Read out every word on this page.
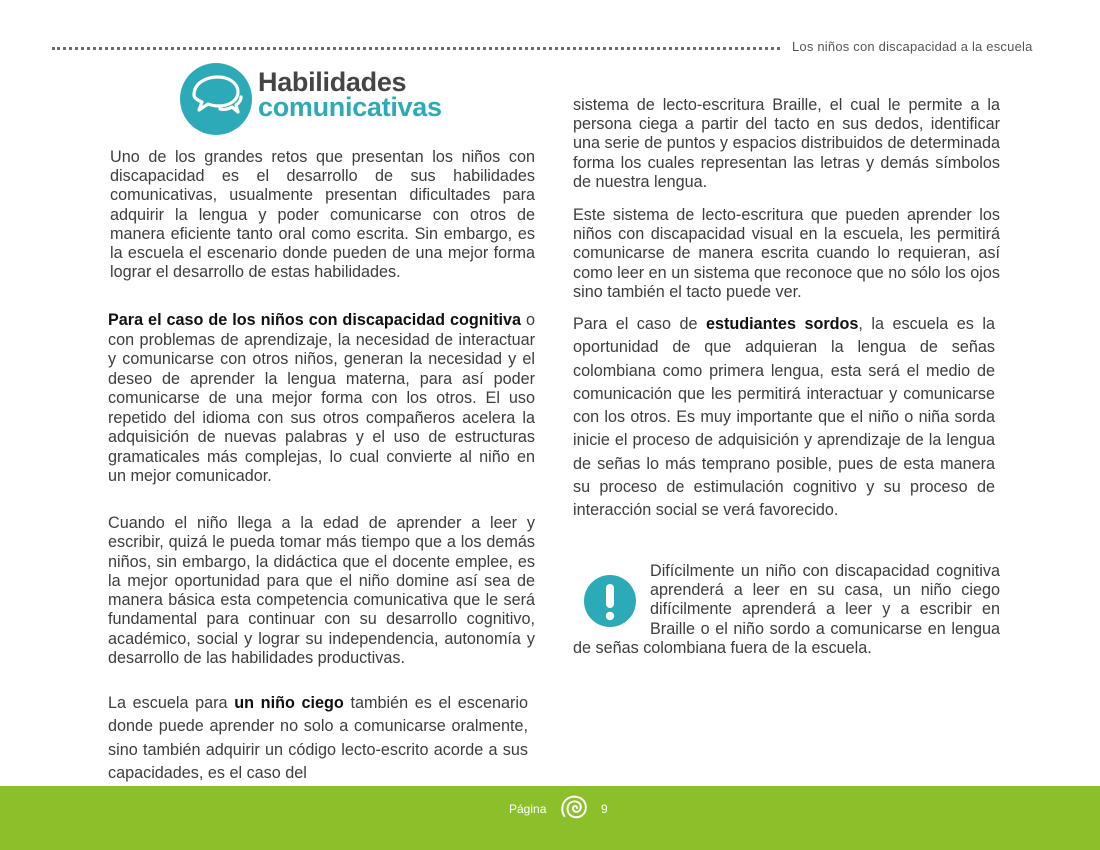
Los niños con discapacidad a la escuela
Habilidades
comunicativas

Uno de los grandes retos que presentan los niños con discapacidad es el desarrollo de sus habilidades comunicativas, usualmente presentan dificultades para adquirir la lengua y poder comunicarse con otros de manera eficiente tanto oral como escrita. Sin embargo, es la escuela el escenario donde pueden de una mejor forma lograr el desarrollo de estas habilidades.

Para el caso de los niños con discapacidad cognitiva o con problemas de aprendizaje, la necesidad de interactuar y comunicarse con otros niños, generan la necesidad y el deseo de aprender la lengua materna, para así poder comunicarse de una mejor forma con los otros. El uso repetido del idioma con sus otros compañeros acelera la adquisición de nuevas palabras y el uso de estructuras gramaticales más complejas, lo cual convierte al niño en un mejor comunicador.

Cuando el niño llega a la edad de aprender a leer y escribir, quizá le pueda tomar más tiempo que a los demás niños, sin embargo, la didáctica que el docente emplee, es la mejor oportunidad para que el niño domine así sea de manera básica esta competencia comunicativa que le será fundamental para continuar con su desarrollo cognitivo, académico, social y lograr su independencia, autonomía y desarrollo de las habilidades productivas.

La escuela para un niño ciego también es el escenario donde puede aprender no solo a comunicarse oralmente, sino también adquirir un código lecto-escrito acorde a sus capacidades, es el caso del

sistema de lecto-escritura Braille, el cual le permite a la persona ciega a partir del tacto en sus dedos, identificar una serie de puntos y espacios distribuidos de determinada forma los cuales representan las letras y demás símbolos de nuestra lengua.

Este sistema de lecto-escritura que pueden aprender los niños con discapacidad visual en la escuela, les permitirá comunicarse de manera escrita cuando lo requieran, así como leer en un sistema que reconoce que no sólo los ojos sino también el tacto puede ver.

Para el caso de estudiantes sordos, la escuela es la oportunidad de que adquieran la lengua de señas colombiana como primera lengua, esta será el medio de comunicación que les permitirá interactuar y comunicarse con los otros. Es muy importante que el niño o niña sorda inicie el proceso de adquisición y aprendizaje de la lengua de señas lo más temprano posible, pues de esta manera su proceso de estimulación cognitivo y su proceso de interacción social se verá favorecido.

Difícilmente un niño con discapacidad cognitiva aprenderá a leer en su casa, un niño ciego difícilmente aprenderá a leer y a escribir en Braille o el niño sordo a comunicarse en lengua de señas colombiana fuera de la escuela.

Página	9
